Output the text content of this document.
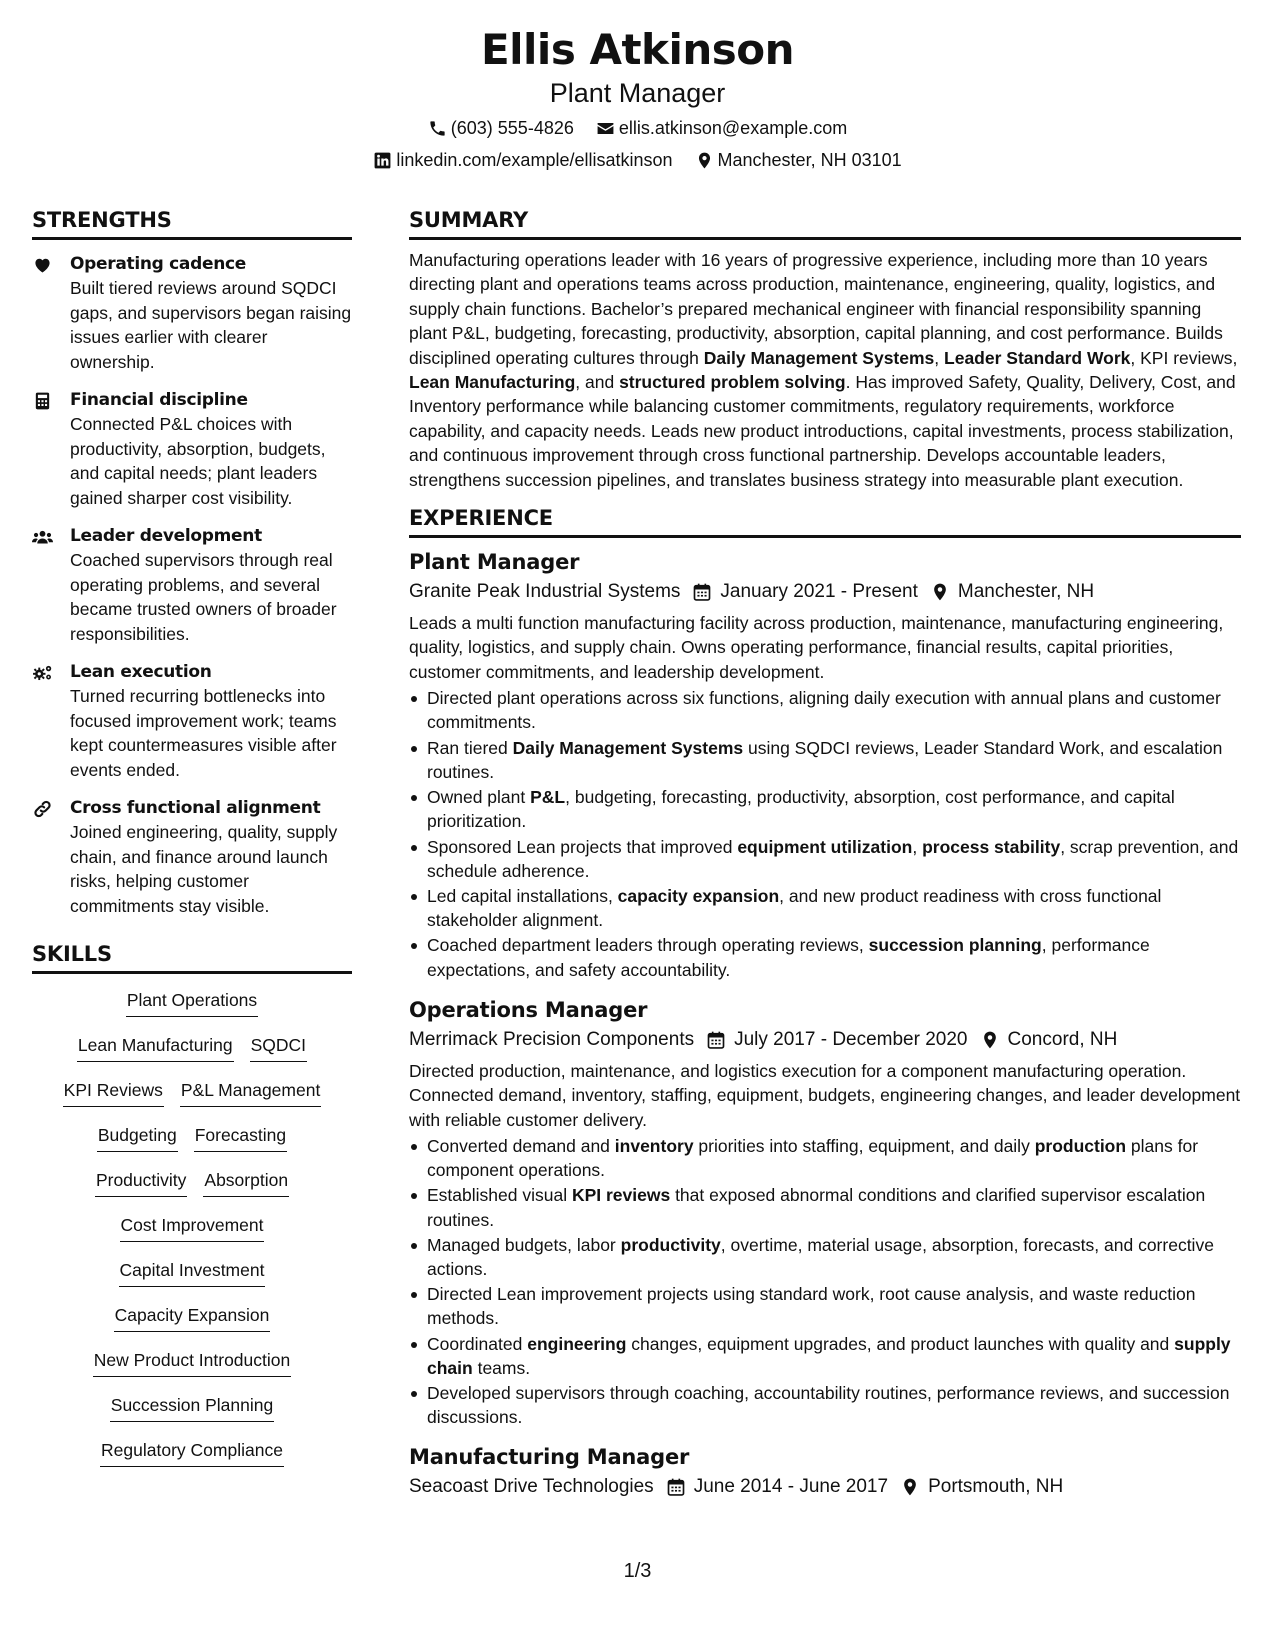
Ellis Atkinson
Plant Manager
(603) 555-4826	ellis.atkinson@example.com
linkedin.com/example/ellisatkinson	Manchester, NH 03101
STRENGTHS
Operating cadence
Built tiered reviews around SQDCI gaps, and supervisors began raising issues earlier with clearer ownership.
Financial discipline
Connected P&L choices with productivity, absorption, budgets, and capital needs; plant leaders gained sharper cost visibility.
Leader development
Coached supervisors through real operating problems, and several became trusted owners of broader responsibilities.
Lean execution
Turned recurring bottlenecks into focused improvement work; teams kept countermeasures visible after events ended.
Cross functional alignment
Joined engineering, quality, supply chain, and finance around launch risks, helping customer commitments stay visible.
SKILLS
Plant Operations
Lean Manufacturing SQDCI
KPI Reviews P&L Management
Budgeting Forecasting
Productivity Absorption
Cost Improvement
Capital Investment
Capacity Expansion
New Product Introduction
Succession Planning
Regulatory Compliance
SUMMARY
Manufacturing operations leader with 16 years of progressive experience, including more than 10 years directing plant and operations teams across production, maintenance, engineering, quality, logistics, and supply chain functions. Bachelor’s prepared mechanical engineer with financial responsibility spanning plant P&L, budgeting, forecasting, productivity, absorption, capital planning, and cost performance. Builds disciplined operating cultures through Daily Management Systems, Leader Standard Work, KPI reviews, Lean Manufacturing, and structured problem solving. Has improved Safety, Quality, Delivery, Cost, and Inventory performance while balancing customer commitments, regulatory requirements, workforce capability, and capacity needs. Leads new product introductions, capital investments, process stabilization, and continuous improvement through cross functional partnership. Develops accountable leaders, strengthens succession pipelines, and translates business strategy into measurable plant execution.
EXPERIENCE
Plant Manager
Granite Peak Industrial Systems January 2021 - Present Manchester, NH
Leads a multi function manufacturing facility across production, maintenance, manufacturing engineering, quality, logistics, and supply chain. Owns operating performance, financial results, capital priorities, customer commitments, and leadership development.
Directed plant operations across six functions, aligning daily execution with annual plans and customer commitments.
Ran tiered Daily Management Systems using SQDCI reviews, Leader Standard Work, and escalation routines.
Owned plant P&L, budgeting, forecasting, productivity, absorption, cost performance, and capital prioritization.
Sponsored Lean projects that improved equipment utilization, process stability, scrap prevention, and schedule adherence.
Led capital installations, capacity expansion, and new product readiness with cross functional stakeholder alignment.
Coached department leaders through operating reviews, succession planning, performance expectations, and safety accountability.
Operations Manager
Merrimack Precision Components July 2017 - December 2020 Concord, NH
Directed production, maintenance, and logistics execution for a component manufacturing operation. Connected demand, inventory, staffing, equipment, budgets, engineering changes, and leader development with reliable customer delivery.
Converted demand and inventory priorities into staffing, equipment, and daily production plans for component operations.
Established visual KPI reviews that exposed abnormal conditions and clarified supervisor escalation routines.
Managed budgets, labor productivity, overtime, material usage, absorption, forecasts, and corrective actions.
Directed Lean improvement projects using standard work, root cause analysis, and waste reduction methods.
Coordinated engineering changes, equipment upgrades, and product launches with quality and supply chain teams.
Developed supervisors through coaching, accountability routines, performance reviews, and succession discussions.
Manufacturing Manager
Seacoast Drive Technologies June 2014 - June 2017 Portsmouth, NH
1/3
